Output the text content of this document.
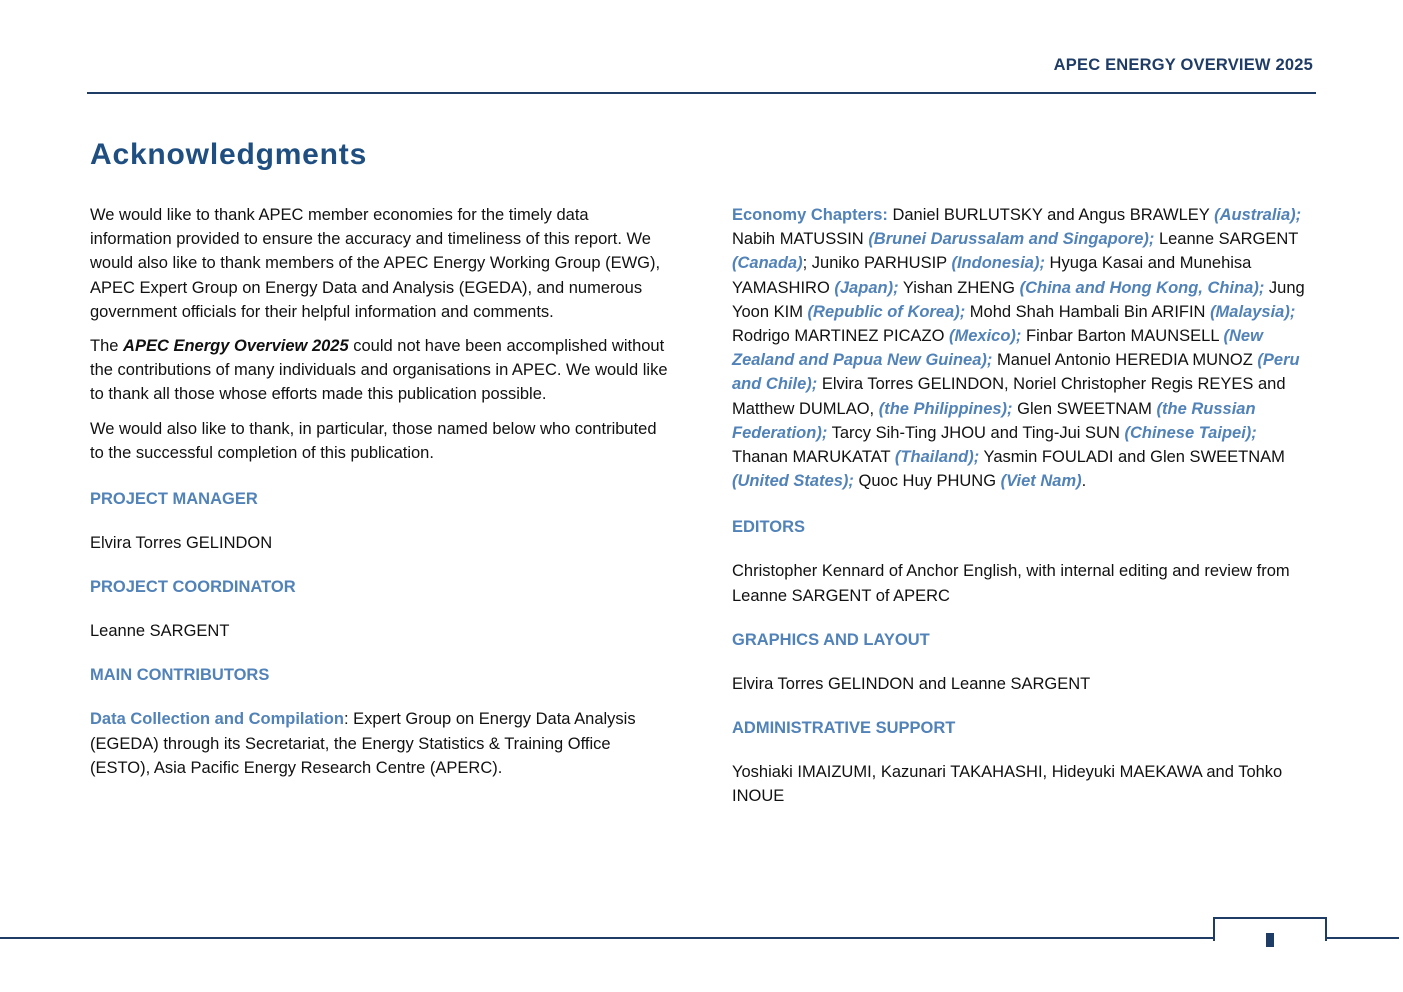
APEC ENERGY OVERVIEW 2025
Acknowledgments

We would like to thank APEC member economies for the timely data information provided to ensure the accuracy and timeliness of this report. We would also like to thank members of the APEC Energy Working Group (EWG), APEC Expert Group on Energy Data and Analysis (EGEDA), and numerous government officials for their helpful information and comments.

The APEC Energy Overview 2025 could not have been accomplished without the contributions of many individuals and organisations in APEC. We would like to thank all those whose efforts made this publication possible.

We would also like to thank, in particular, those named below who contributed to the successful completion of this publication.

PROJECT MANAGER
Elvira Torres GELINDON
PROJECT COORDINATOR
Leanne SARGENT
MAIN CONTRIBUTORS
Data Collection and Compilation: Expert Group on Energy Data Analysis (EGEDA) through its Secretariat, the Energy Statistics & Training Office (ESTO), Asia Pacific Energy Research Centre (APERC).

Economy Chapters: Daniel BURLUTSKY and Angus BRAWLEY (Australia); Nabih MATUSSIN (Brunei Darussalam and Singapore); Leanne SARGENT (Canada); Juniko PARHUSIP (Indonesia); Hyuga Kasai and Munehisa YAMASHIRO (Japan); Yishan ZHENG (China and Hong Kong, China); Jung Yoon KIM (Republic of Korea); Mohd Shah Hambali Bin ARIFIN (Malaysia); Rodrigo MARTINEZ PICAZO (Mexico); Finbar Barton MAUNSELL (New Zealand and Papua New Guinea); Manuel Antonio HEREDIA MUNOZ (Peru and Chile); Elvira Torres GELINDON, Noriel Christopher Regis REYES and Matthew DUMLAO, (the Philippines); Glen SWEETNAM (the Russian Federation); Tarcy Sih-Ting JHOU and Ting-Jui SUN (Chinese Taipei); Thanan MARUKATAT (Thailand); Yasmin FOULADI and Glen SWEETNAM (United States); Quoc Huy PHUNG (Viet Nam).

EDITORS
Christopher Kennard of Anchor English, with internal editing and review from Leanne SARGENT of APERC
GRAPHICS AND LAYOUT
Elvira Torres GELINDON and Leanne SARGENT
ADMINISTRATIVE SUPPORT
Yoshiaki IMAIZUMI, Kazunari TAKAHASHI, Hideyuki MAEKAWA and Tohko INOUE
